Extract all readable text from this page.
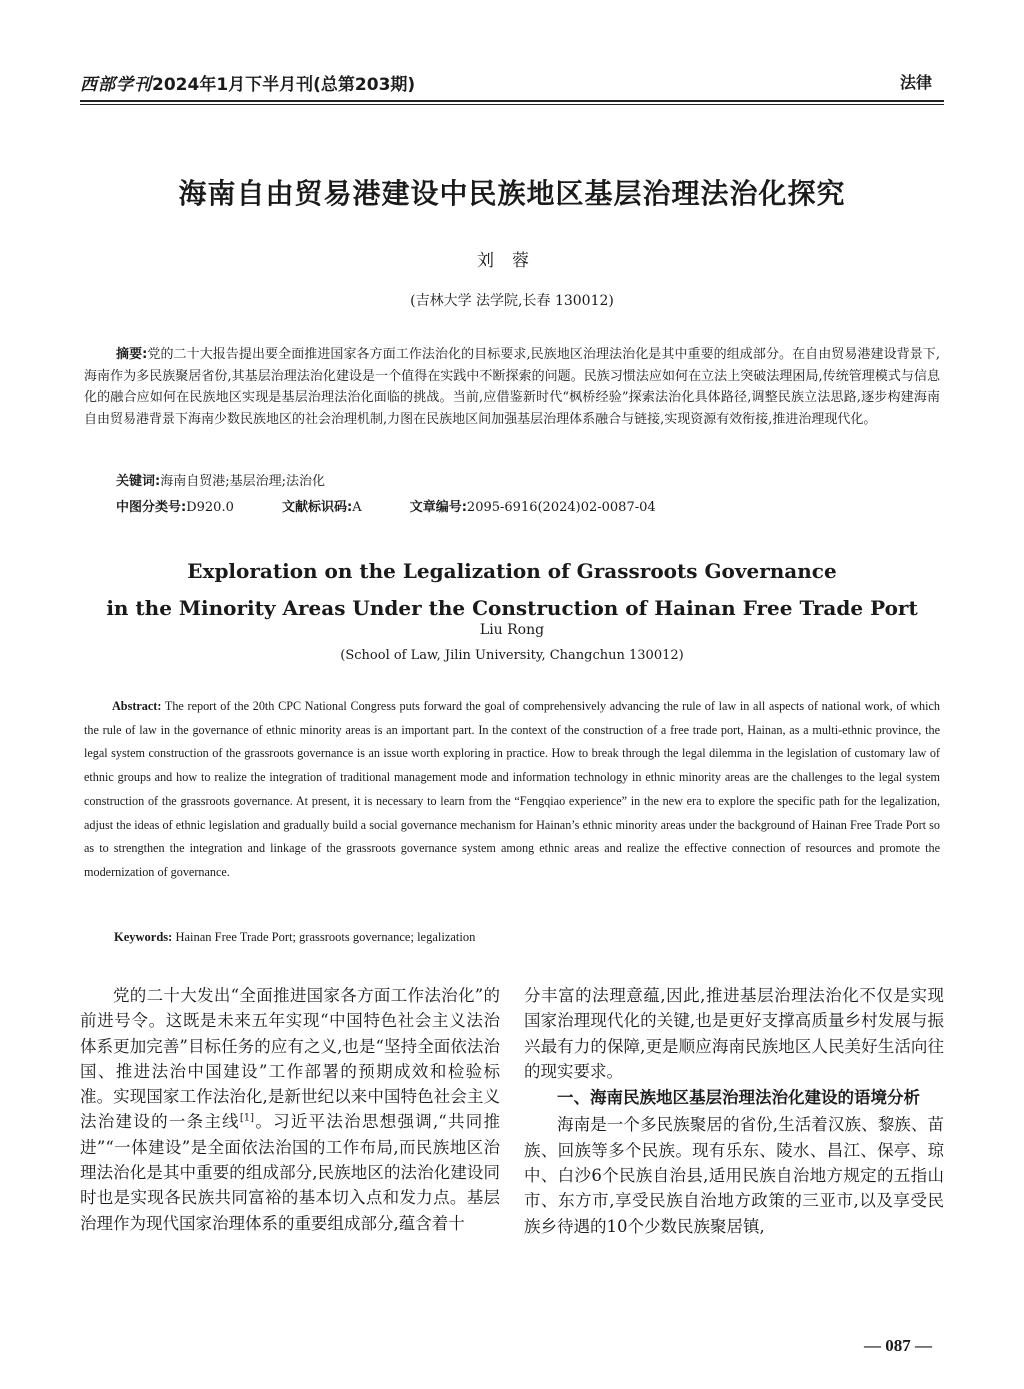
西部学刊2024年1月下半月刊(总第203期)	法律
海南自由贸易港建设中民族地区基层治理法治化探究
刘蓉
(吉林大学 法学院,长春 130012)
摘要:党的二十大报告提出要全面推进国家各方面工作法治化的目标要求,民族地区治理法治化是其中重要的组成部分。在自由贸易港建设背景下,海南作为多民族聚居省份,其基层治理法治化建设是一个值得在实践中不断探索的问题。民族习惯法应如何在立法上突破法理困局,传统管理模式与信息化的融合应如何在民族地区实现是基层治理法治化面临的挑战。当前,应借鉴新时代“枫桥经验”探索法治化具体路径,调整民族立法思路,逐步构建海南自由贸易港背景下海南少数民族地区的社会治理机制,力图在民族地区间加强基层治理体系融合与链接,实现资源有效衔接,推进治理现代化。
关键词:海南自贸港;基层治理;法治化
中图分类号:D920.0	文献标识码:A	文章编号:2095-6916(2024)02-0087-04
Exploration on the Legalization of Grassroots Governance
in the Minority Areas Under the Construction of Hainan Free Trade Port
Liu Rong
(School of Law, Jilin University, Changchun 130012)
Abstract: The report of the 20th CPC National Congress puts forward the goal of comprehensively advancing the rule of law in all aspects of national work, of which the rule of law in the governance of ethnic minority areas is an important part. In the context of the construction of a free trade port, Hainan, as a multi-ethnic province, the legal system construction of the grassroots governance is an issue worth exploring in practice. How to break through the legal dilemma in the legislation of customary law of ethnic groups and how to realize the integration of traditional management mode and information technology in ethnic minority areas are the challenges to the legal system construction of the grassroots governance. At present, it is necessary to learn from the “Fengqiao experience” in the new era to explore the specific path for the legalization, adjust the ideas of ethnic legislation and gradually build a social governance mechanism for Hainan’s ethnic minority areas under the background of Hainan Free Trade Port so as to strengthen the integration and linkage of the grassroots governance system among ethnic areas and realize the effective connection of resources and promote the modernization of governance.
Keywords: Hainan Free Trade Port; grassroots governance; legalization

党的二十大发出“全面推进国家各方面工作法治化”的前进号令。这既是未来五年实现“中国特色社会主义法治体系更加完善”目标任务的应有之义,也是“坚持全面依法治国、推进法治中国建设”工作部署的预期成效和检验标准。实现国家工作法治化,是新世纪以来中国特色社会主义法治建设的一条主线[1]。习近平法治思想强调,“共同推进”“一体建设”是全面依法治国的工作布局,而民族地区治理法治化是其中重要的组成部分,民族地区的法治化建设同时也是实现各民族共同富裕的基本切入点和发力点。基层治理作为现代国家治理体系的重要组成部分,蕴含着十

分丰富的法理意蕴,因此,推进基层治理法治化不仅是实现国家治理现代化的关键,也是更好支撑高质量乡村发展与振兴最有力的保障,更是顺应海南民族地区人民美好生活向往的现实要求。

一、海南民族地区基层治理法治化建设的语境分析

海南是一个多民族聚居的省份,生活着汉族、黎族、苗族、回族等多个民族。现有乐东、陵水、昌江、保亭、琼中、白沙6个民族自治县,适用民族自治地方规定的五指山市、东方市,享受民族自治地方政策的三亚市,以及享受民族乡待遇的10个少数民族聚居镇,

— 087 —
